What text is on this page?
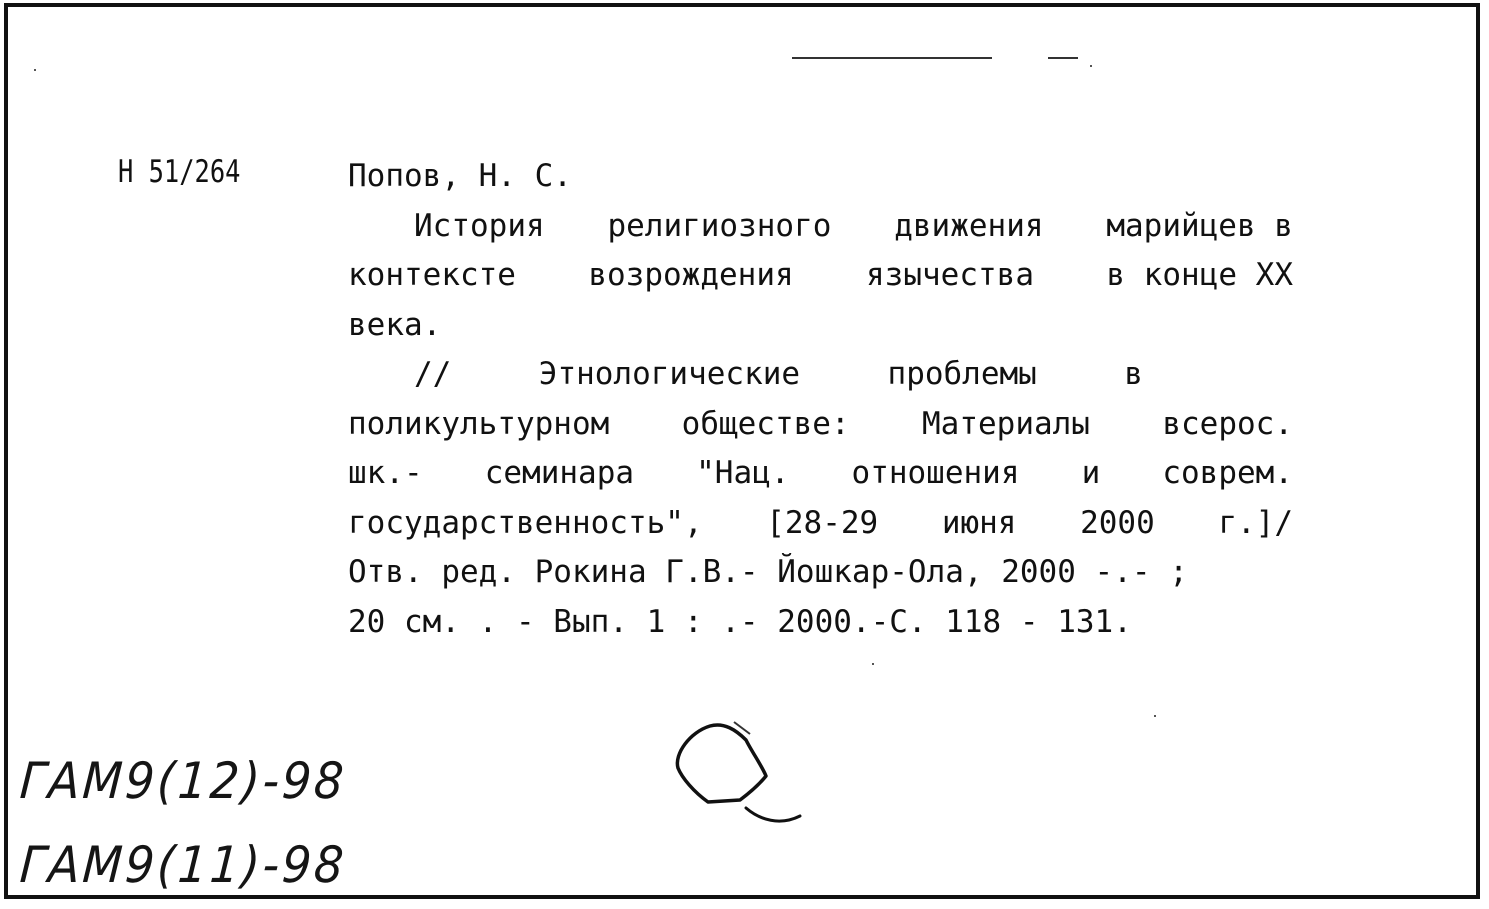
Н 51/264	Попов, Н. С.
История религиозного движения марийцев в
контексте возрождения язычества в конце XX
века.
//	Этнологические	проблемы	в
поликультурном обществе: Материалы всерос.
шк.- семинара "Нац. отношения и соврем.
государственность", [28-29 июня 2000 г.]/
Отв. ред. Рокина Г.В.- Йошкар-Ола, 2000 -.- ;
20 см. . - Вып. 1 : .- 2000.-С. 118 - 131.
ГАМ9(12)-98
ГАМ9(11)-98
